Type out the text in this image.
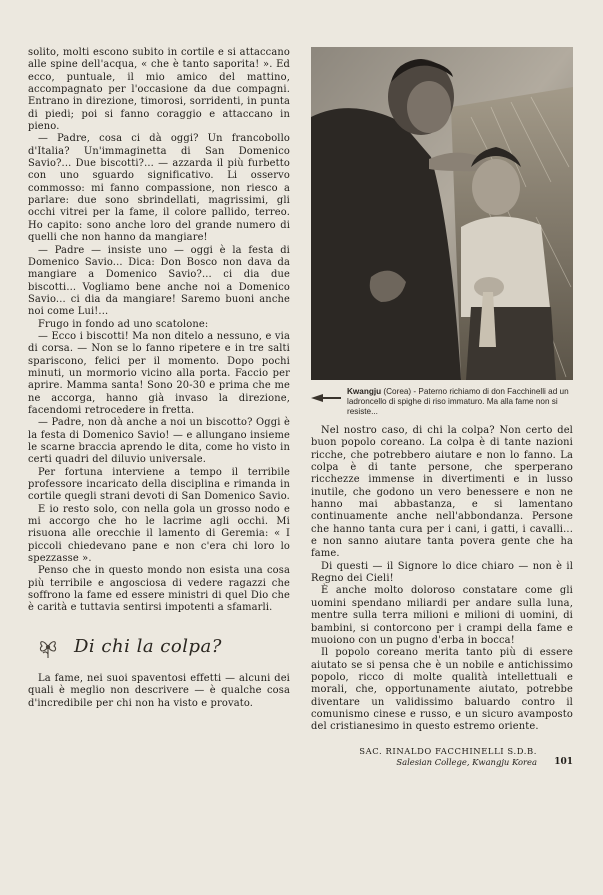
solito, molti escono subito in cortile e si attaccano alle spine dell'acqua, « che è tanto saporita! ». Ed ecco, puntuale, il mio amico del mattino, accompagnato per l'occasione da due compagni. Entrano in direzione, timorosi, sorridenti, in punta di piedi; poi si fanno coraggio e attaccano in pieno.

— Padre, cosa ci dà oggi? Un francobollo d'Italia? Un'immaginetta di San Domenico Savio?... Due biscotti?... — azzarda il più furbetto con uno sguardo significativo. Li osservo commosso: mi fanno compassione, non riesco a parlare: due sono sbrindellati, magrissimi, gli occhi vitrei per la fame, il colore pallido, terreo. Ho capito: sono anche loro del grande numero di quelli che non hanno da mangiare!

— Padre — insiste uno — oggi è la festa di Domenico Savio... Dica: Don Bosco non dava da mangiare a Domenico Savio?... ci dia due biscotti... Vogliamo bene anche noi a Domenico Savio... ci dia da mangiare! Saremo buoni anche noi come Lui!...

Frugo in fondo ad uno scatolone:

— Ecco i biscotti! Ma non ditelo a nessuno, e via di corsa. — Non se lo fanno ripetere e in tre salti spariscono, felici per il momento. Dopo pochi minuti, un mormorio vicino alla porta. Faccio per aprire. Mamma santa! Sono 20-30 e prima che me ne accorga, hanno già invaso la direzione, facendomi retrocedere in fretta.

— Padre, non dà anche a noi un biscotto? Oggi è la festa di Domenico Savio! — e allungano insieme le scarne braccia aprendo le dita, come ho visto in certi quadri del diluvio universale.

Per fortuna interviene a tempo il terribile professore incaricato della disciplina e rimanda in cortile quegli strani devoti di San Domenico Savio.

E io resto solo, con nella gola un grosso nodo e mi accorgo che ho le lacrime agli occhi. Mi risuona alle orecchie il lamento di Geremia: « I piccoli chiedevano pane e non c'era chi loro lo spezzasse ».

Penso che in questo mondo non esista una cosa più terribile e angosciosa di vedere ragazzi che soffrono la fame ed essere ministri di quel Dio che è carità e tuttavia sentirsi impotenti a sfamarli.

Di chi la colpa?

La fame, nei suoi spaventosi effetti — alcuni dei quali è meglio non descrivere — è qualche cosa d'incredibile per chi non ha visto e provato.

Kwangju (Corea) - Paterno richiamo di don Facchinelli ad un ladroncello di spighe di riso immaturo. Ma alla fame non si resiste...

Nel nostro caso, di chi la colpa? Non certo del buon popolo coreano. La colpa è di tante nazioni ricche, che potrebbero aiutare e non lo fanno. La colpa è di tante persone, che sperperano ricchezze immense in divertimenti e in lusso inutile, che godono un vero benessere e non ne hanno mai abbastanza, e si lamentano continuamente anche nell'abbondanza. Persone che hanno tanta cura per i cani, i gatti, i cavalli... e non sanno aiutare tanta povera gente che ha fame.

Di questi — il Signore lo dice chiaro — non è il Regno dei Cieli!

È anche molto doloroso constatare come gli uomini spendano miliardi per andare sulla luna, mentre sulla terra milioni e milioni di uomini, di bambini, si contorcono per i crampi della fame e muoiono con un pugno d'erba in bocca!

Il popolo coreano merita tanto più di essere aiutato se si pensa che è un nobile e antichissimo popolo, ricco di molte qualità intellettuali e morali, che, opportunamente aiutato, potrebbe diventare un validissimo baluardo contro il comunismo cinese e russo, e un sicuro avamposto del cristianesimo in questo estremo oriente.

SAC. RINALDO FACCHINELLI S.D.B.
Salesian College, Kwangju Korea 101
